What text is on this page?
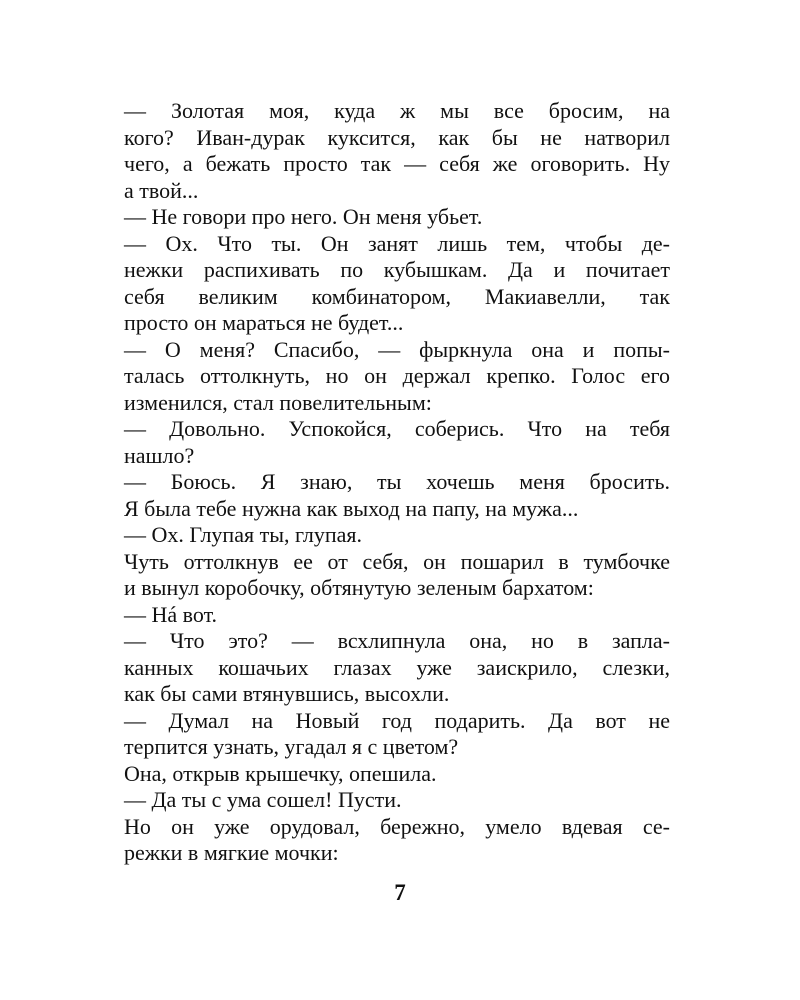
— Золотая моя, куда ж мы все бросим, на
кого? Иван-дурак куксится, как бы не натворил
чего, а бежать просто так — себя же оговорить. Ну
а твой...
— Не говори про него. Он меня убьет.
— Ох. Что ты. Он занят лишь тем, чтобы де-
нежки распихивать по кубышкам. Да и почитает
себя великим комбинатором, Макиавелли, так
просто он мараться не будет...
— О меня? Спасибо, — фыркнула она и попы-
талась оттолкнуть, но он держал крепко. Голос его
изменился, стал повелительным:
— Довольно. Успокойся, соберись. Что на тебя
нашло?
— Боюсь. Я знаю, ты хочешь меня бросить.
Я была тебе нужна как выход на папу, на мужа...
— Ох. Глупая ты, глупая.
Чуть оттолкнув ее от себя, он пошарил в тумбочке
и вынул коробочку, обтянутую зеленым бархатом:
— Нá вот.
— Что это? — всхлипнула она, но в запла-
канных кошачьих глазах уже заискрило, слезки,
как бы сами втянувшись, высохли.
— Думал на Новый год подарить. Да вот не
терпится узнать, угадал я с цветом?
Она, открыв крышечку, опешила.
— Да ты с ума сошел! Пусти.
Но он уже орудовал, бережно, умело вдевая се-
режки в мягкие мочки:
7
